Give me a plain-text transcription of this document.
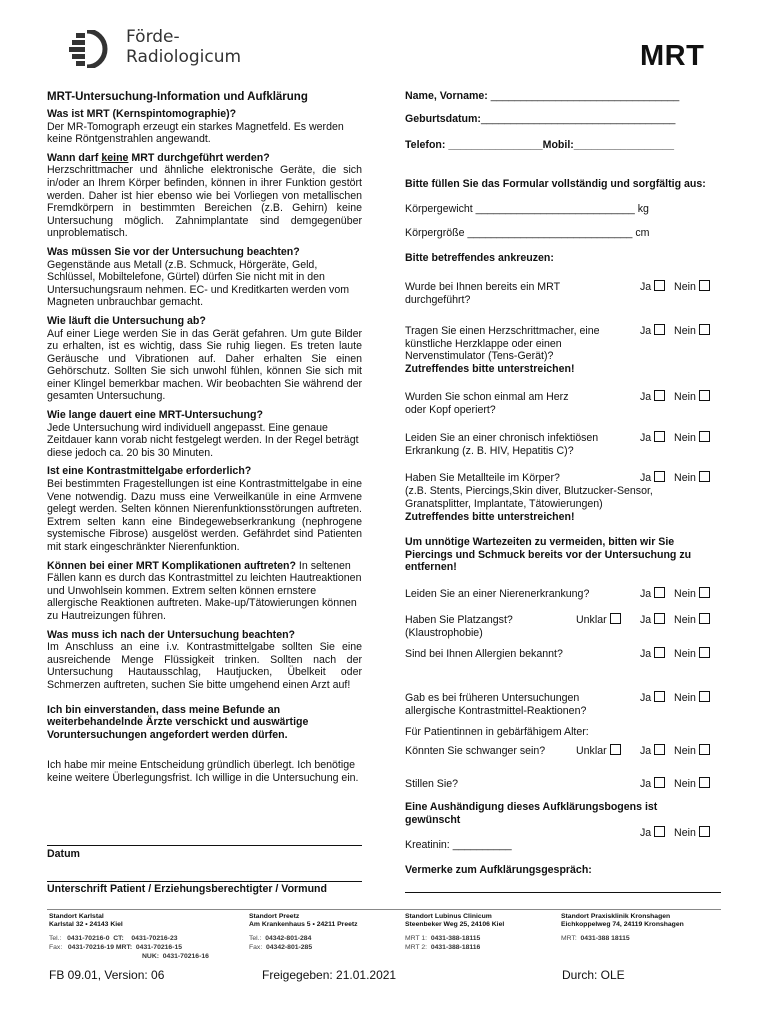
Förde-
Radiologicum	MRT
MRT-Untersuchung-Information und Aufklärung

Was ist MRT (Kernspintomographie)?

Der MR-Tomograph erzeugt ein starkes Magnetfeld. Es werden keine Röntgenstrahlen angewandt.

Wann darf keine MRT durchgeführt werden?

Herzschrittmacher und ähnliche elektronische Geräte, die sich in/oder an Ihrem Körper befinden, können in ihrer Funktion gestört werden. Daher ist hier ebenso wie bei Vorliegen von metallischen Fremdkörpern in bestimmten Bereichen (z.B. Gehirn) keine Untersuchung möglich. Zahnimplantate sind demgegenüber unproblematisch.

Was müssen Sie vor der Untersuchung beachten?

Gegenstände aus Metall (z.B. Schmuck, Hörgeräte, Geld, Schlüssel, Mobiltelefone, Gürtel) dürfen Sie nicht mit in den Untersuchungsraum nehmen. EC- und Kreditkarten werden vom Magneten unbrauchbar gemacht.

Wie läuft die Untersuchung ab?

Auf einer Liege werden Sie in das Gerät gefahren. Um gute Bilder zu erhalten, ist es wichtig, dass Sie ruhig liegen. Es treten laute Geräusche und Vibrationen auf. Daher erhalten Sie einen Gehörschutz. Sollten Sie sich unwohl fühlen, können Sie sich mit einer Klingel bemerkbar machen. Wir beobachten Sie während der gesamten Untersuchung.

Wie lange dauert eine MRT-Untersuchung?

Jede Untersuchung wird individuell angepasst. Eine genaue Zeitdauer kann vorab nicht festgelegt werden. In der Regel beträgt diese jedoch ca. 20 bis 30 Minuten.

Ist eine Kontrastmittelgabe erforderlich?

Bei bestimmten Fragestellungen ist eine Kontrastmittelgabe in eine Vene notwendig. Dazu muss eine Verweilkanüle in eine Armvene gelegt werden. Selten können Nierenfunktionsstörungen auftreten. Extrem selten kann eine Bindegewebserkrankung (nephrogene systemische Fibrose) ausgelöst werden. Gefährdet sind Patienten mit stark eingeschränkter Nierenfunktion.

Können bei einer MRT Komplikationen auftreten? In seltenen Fällen kann es durch das Kontrastmittel zu leichten Hautreaktionen und Unwohlsein kommen. Extrem selten können ernstere allergische Reaktionen auftreten. Make-up/Tätowierungen können zu Hautreizungen führen.

Was muss ich nach der Untersuchung beachten?

Im Anschluss an eine i.v. Kontrastmittelgabe sollten Sie eine ausreichende Menge Flüssigkeit trinken. Sollten nach der Untersuchung Hautausschlag, Hautjucken, Übelkeit oder Schmerzen auftreten, suchen Sie bitte umgehend einen Arzt auf!

Ich bin einverstanden, dass meine Befunde an weiterbehandelnde Ärzte verschickt und auswärtige Voruntersuchungen angefordert werden dürfen.

Ich habe mir meine Entscheidung gründlich überlegt. Ich benötige keine weitere Überlegungsfrist. Ich willige in die Untersuchung ein.

Datum
Unterschrift Patient / Erziehungsberechtigter / Vormund
Name, Vorname: ________________________________
Geburtsdatum:_________________________________
Telefon: ________________Mobil:_________________
Bitte füllen Sie das Formular vollständig und sorgfältig aus:
Körpergewicht ___________________________ kg
Körpergröße ____________________________ cm
Bitte betreffendes ankreuzen:
Wurde bei Ihnen bereits ein MRT durchgeführt?
Ja Nein
Tragen Sie einen Herzschrittmacher, eine künstliche Herzklappe oder einen Nervenstimulator (Tens-Gerät)?
Zutreffendes bitte unterstreichen!
Ja Nein
Wurden Sie schon einmal am Herz oder Kopf operiert?
Ja Nein
Leiden Sie an einer chronisch infektiösen Erkrankung (z. B. HIV, Hepatitis C)?
Ja Nein
Haben Sie Metallteile im Körper?
(z.B. Stents, Piercings,Skin diver, Blutzucker-Sensor, Granatsplitter, Implantate, Tätowierungen)
Zutreffendes bitte unterstreichen!
Ja Nein
Um unnötige Wartezeiten zu vermeiden, bitten wir Sie Piercings und Schmuck bereits vor der Untersuchung zu entfernen!
Leiden Sie an einer Nierenerkrankung?	Ja Nein
Haben Sie Platzangst? (Klaustrophobie)
Unklar	Ja Nein
Sind bei Ihnen Allergien bekannt?	Ja Nein
Gab es bei früheren Untersuchungen allergische Kontrastmittel-Reaktionen?
Ja Nein
Für Patientinnen in gebärfähigem Alter:
Könnten Sie schwanger sein?	Unklar	Ja Nein
Stillen Sie?	Ja Nein
Eine Aushändigung dieses Aufklärungsbogens ist gewünscht
Ja Nein
Kreatinin: __________
Vermerke zum Aufklärungsgespräch:
Standort Karlstal
Karlstal 32 • 24143 Kiel
Tel.: 0431-70216-0 CT: 0431-70216-23
Fax: 0431-70216-19 MRT: 0431-70216-15
NUK: 0431-70216-16
Standort Preetz
Am Krankenhaus 5 • 24211 Preetz
Tel.: 04342-801-284
Fax: 04342-801-285
Standort Lubinus Clinicum
Steenbeker Weg 25, 24106 Kiel
MRT 1: 0431-388-18115
MRT 2: 0431-388-18116
Standort Praxisklinik Kronshagen
Eichkoppelweg 74, 24119 Kronshagen
MRT: 0431-388 18115
FB 09.01, Version: 06	Freigegeben: 21.01.2021	Durch: OLE
